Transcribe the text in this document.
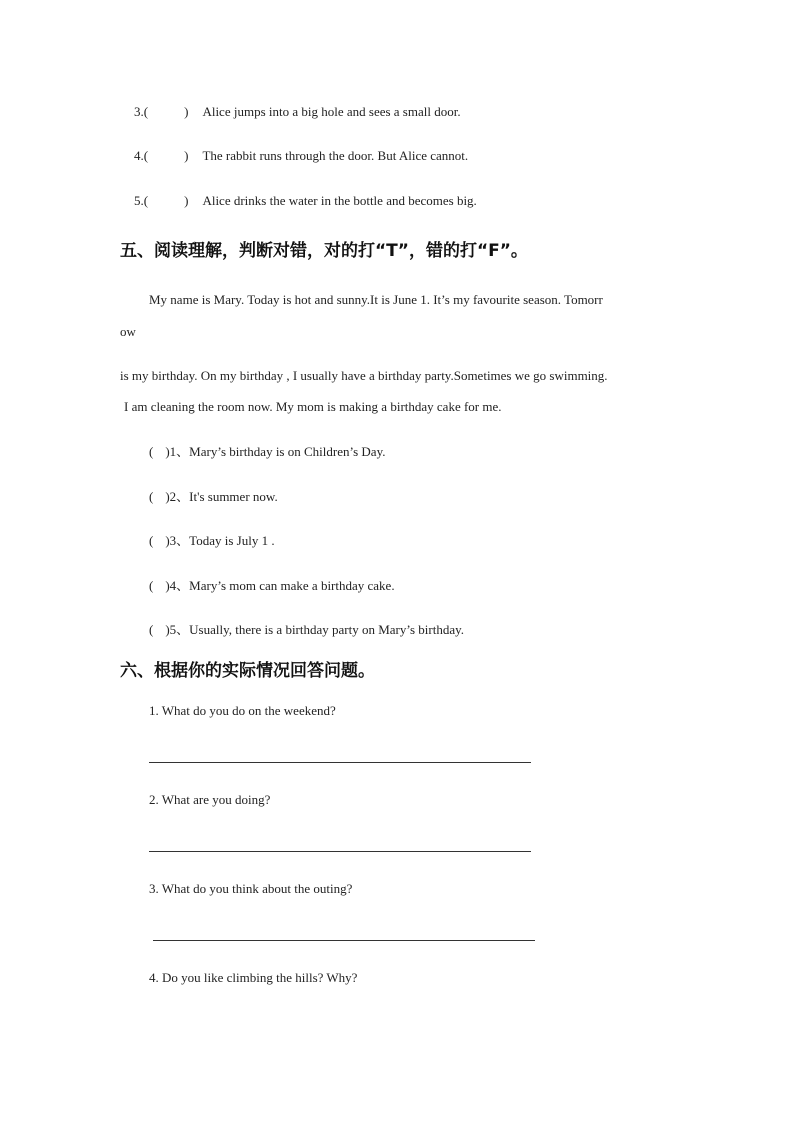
3.(	) Alice jumps into a big hole and sees a small door.
4.(	) The rabbit runs through the door. But Alice cannot.
5.(	) Alice drinks the water in the bottle and becomes big.
五、阅读理解，判断对错，对的打“T”，错的打“F”。
My name is Mary. Today is hot and sunny.It is June 1. It’s my favourite season. Tomorr
ow
is my birthday. On my birthday , I usually have a birthday party.Sometimes we go swimming.
I am cleaning the room now. My mom is making a birthday cake for me.
( )1、Mary’s birthday is on Children’s Day.
( )2、It's summer now.
( )3、Today is July 1 .
( )4、Mary’s mom can make a birthday cake.
( )5、Usually, there is a birthday party on Mary’s birthday.
六、根据你的实际情况回答问题。
1. What do you do on the weekend?
2. What are you doing?
3. What do you think about the outing?
4. Do you like climbing the hills? Why?
